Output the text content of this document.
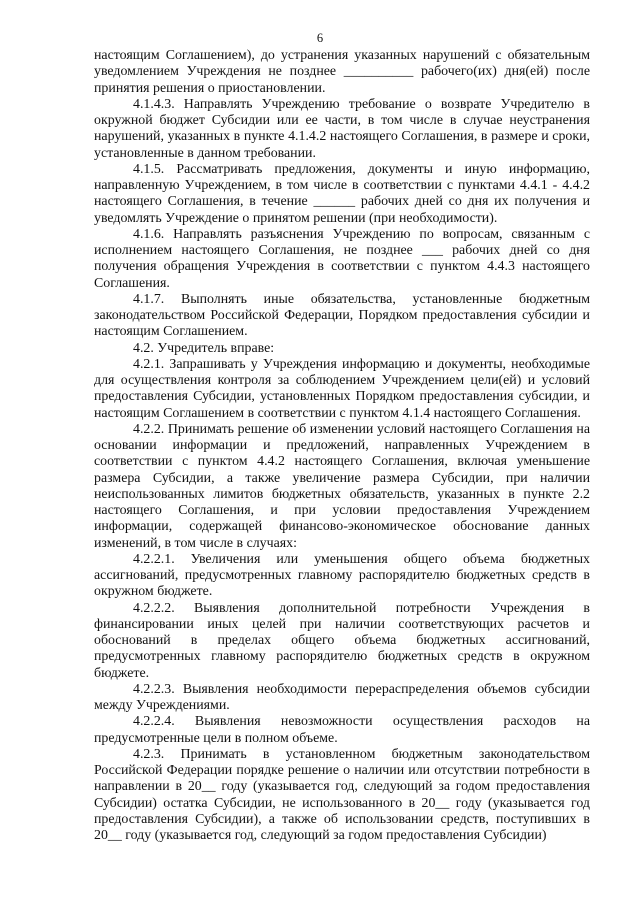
6

настоящим Соглашением), до устранения указанных нарушений с обязательным уведомлением Учреждения не позднее __________ рабочего(их) дня(ей) после принятия решения о приостановлении.

4.1.4.3. Направлять Учреждению требование о возврате Учредителю в окружной бюджет Субсидии или ее части, в том числе в случае неустранения нарушений, указанных в пункте 4.1.4.2 настоящего Соглашения, в размере и сроки, установленные в данном требовании.

4.1.5. Рассматривать предложения, документы и иную информацию, направленную Учреждением, в том числе в соответствии с пунктами 4.4.1 - 4.4.2 настоящего Соглашения, в течение ______ рабочих дней со дня их получения и уведомлять Учреждение о принятом решении (при необходимости).

4.1.6. Направлять разъяснения Учреждению по вопросам, связанным с исполнением настоящего Соглашения, не позднее ___ рабочих дней со дня получения обращения Учреждения в соответствии с пунктом 4.4.3 настоящего Соглашения.

4.1.7. Выполнять иные обязательства, установленные бюджетным законодательством Российской Федерации, Порядком предоставления субсидии и настоящим Соглашением.

4.2. Учредитель вправе:

4.2.1. Запрашивать у Учреждения информацию и документы, необходимые для осуществления контроля за соблюдением Учреждением цели(ей) и условий предоставления Субсидии, установленных Порядком предоставления субсидии, и настоящим Соглашением в соответствии с пунктом 4.1.4 настоящего Соглашения.

4.2.2. Принимать решение об изменении условий настоящего Соглашения на основании информации и предложений, направленных Учреждением в соответствии с пунктом 4.4.2 настоящего Соглашения, включая уменьшение размера Субсидии, а также увеличение размера Субсидии, при наличии неиспользованных лимитов бюджетных обязательств, указанных в пункте 2.2 настоящего Соглашения, и при условии предоставления Учреждением информации, содержащей финансово-экономическое обоснование данных изменений, в том числе в случаях:

4.2.2.1. Увеличения или уменьшения общего объема бюджетных ассигнований, предусмотренных главному распорядителю бюджетных средств в окружном бюджете.

4.2.2.2. Выявления дополнительной потребности Учреждения в финансировании иных целей при наличии соответствующих расчетов и обоснований в пределах общего объема бюджетных ассигнований, предусмотренных главному распорядителю бюджетных средств в окружном бюджете.

4.2.2.3. Выявления необходимости перераспределения объемов субсидии между Учреждениями.

4.2.2.4. Выявления невозможности осуществления расходов на предусмотренные цели в полном объеме.

4.2.3. Принимать в установленном бюджетным законодательством Российской Федерации порядке решение о наличии или отсутствии потребности в направлении в 20__ году (указывается год, следующий за годом предоставления Субсидии) остатка Субсидии, не использованного в 20__ году (указывается год предоставления Субсидии), а также об использовании средств, поступивших в 20__ году (указывается год, следующий за годом предоставления Субсидии)
